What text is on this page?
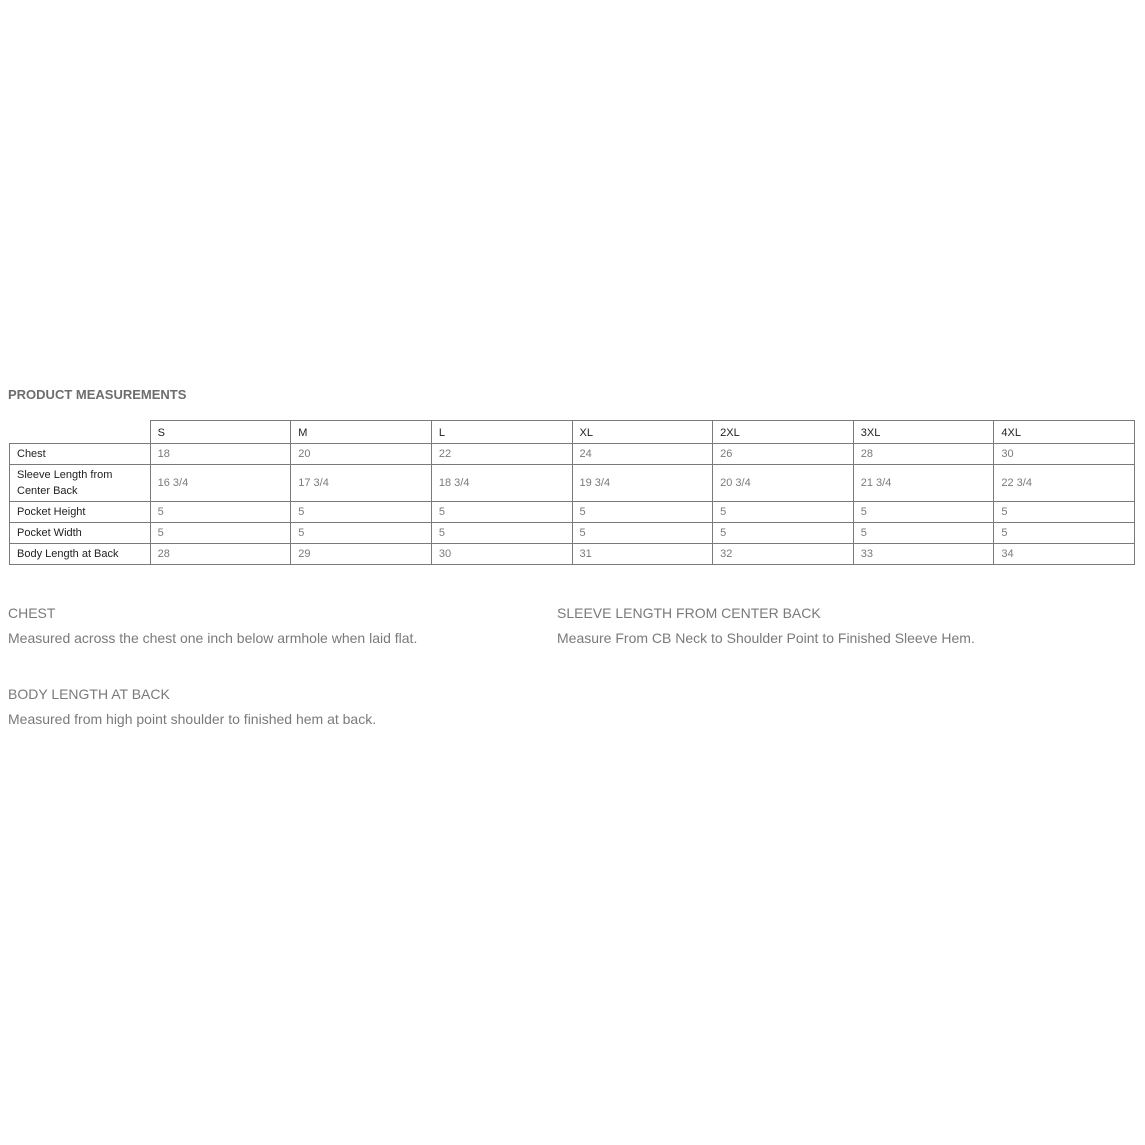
PRODUCT MEASUREMENTS
	S	M	L	XL	2XL	3XL	4XL
Chest	18	20	22	24	26	28	30
Sleeve Length from Center Back	16 3/4	17 3/4	18 3/4	19 3/4	20 3/4	21 3/4	22 3/4
Pocket Height	5	5	5	5	5	5	5
Pocket Width	5	5	5	5	5	5	5
Body Length at Back	28	29	30	31	32	33	34
CHEST
Measured across the chest one inch below armhole when laid flat.
SLEEVE LENGTH FROM CENTER BACK
Measure From CB Neck to Shoulder Point to Finished Sleeve Hem.
BODY LENGTH AT BACK
Measured from high point shoulder to finished hem at back.
